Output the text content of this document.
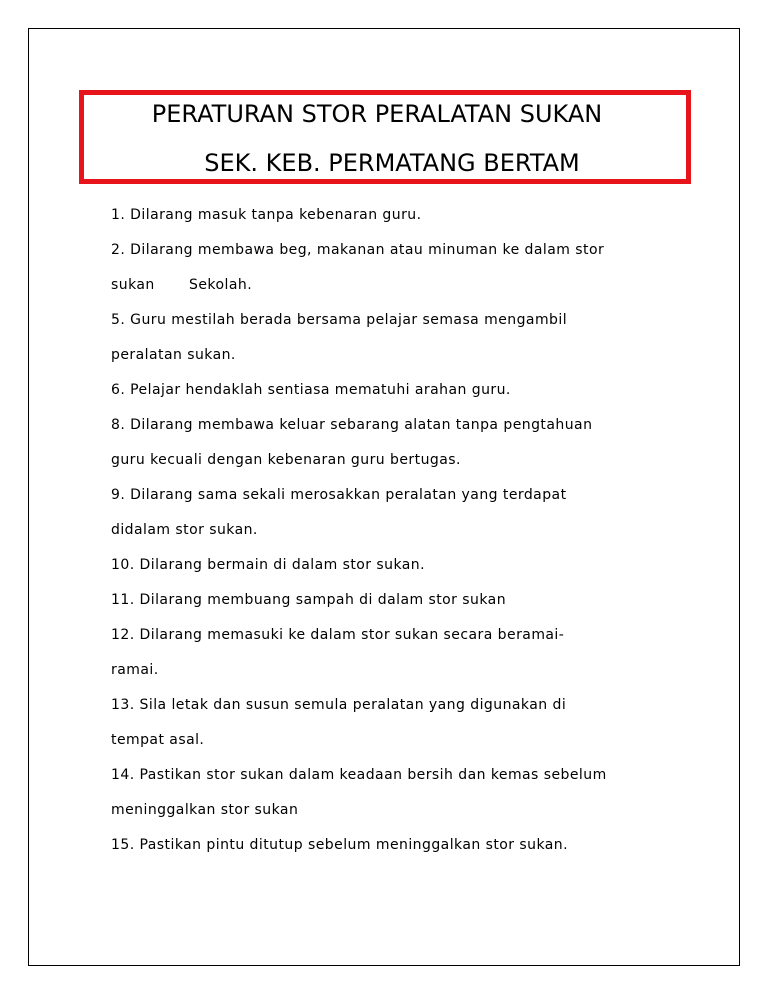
PERATURAN STOR PERALATAN SUKAN
SEK. KEB. PERMATANG BERTAM
1. Dilarang masuk tanpa kebenaran guru.
2. Dilarang membawa beg, makanan atau minuman ke dalam stor
sukan       Sekolah.
5. Guru mestilah berada bersama pelajar semasa mengambil
peralatan sukan.
6. Pelajar hendaklah sentiasa mematuhi arahan guru.
8. Dilarang membawa keluar sebarang alatan tanpa pengtahuan
guru kecuali dengan kebenaran guru bertugas.
9. Dilarang sama sekali merosakkan peralatan yang terdapat
didalam stor sukan.
10. Dilarang bermain di dalam stor sukan.
11. Dilarang membuang sampah di dalam stor sukan
12. Dilarang memasuki ke dalam stor sukan secara beramai-
ramai.
13. Sila letak dan susun semula peralatan yang digunakan di
tempat asal.
14. Pastikan stor sukan dalam keadaan bersih dan kemas sebelum
meninggalkan stor sukan
15. Pastikan pintu ditutup sebelum meninggalkan stor sukan.
